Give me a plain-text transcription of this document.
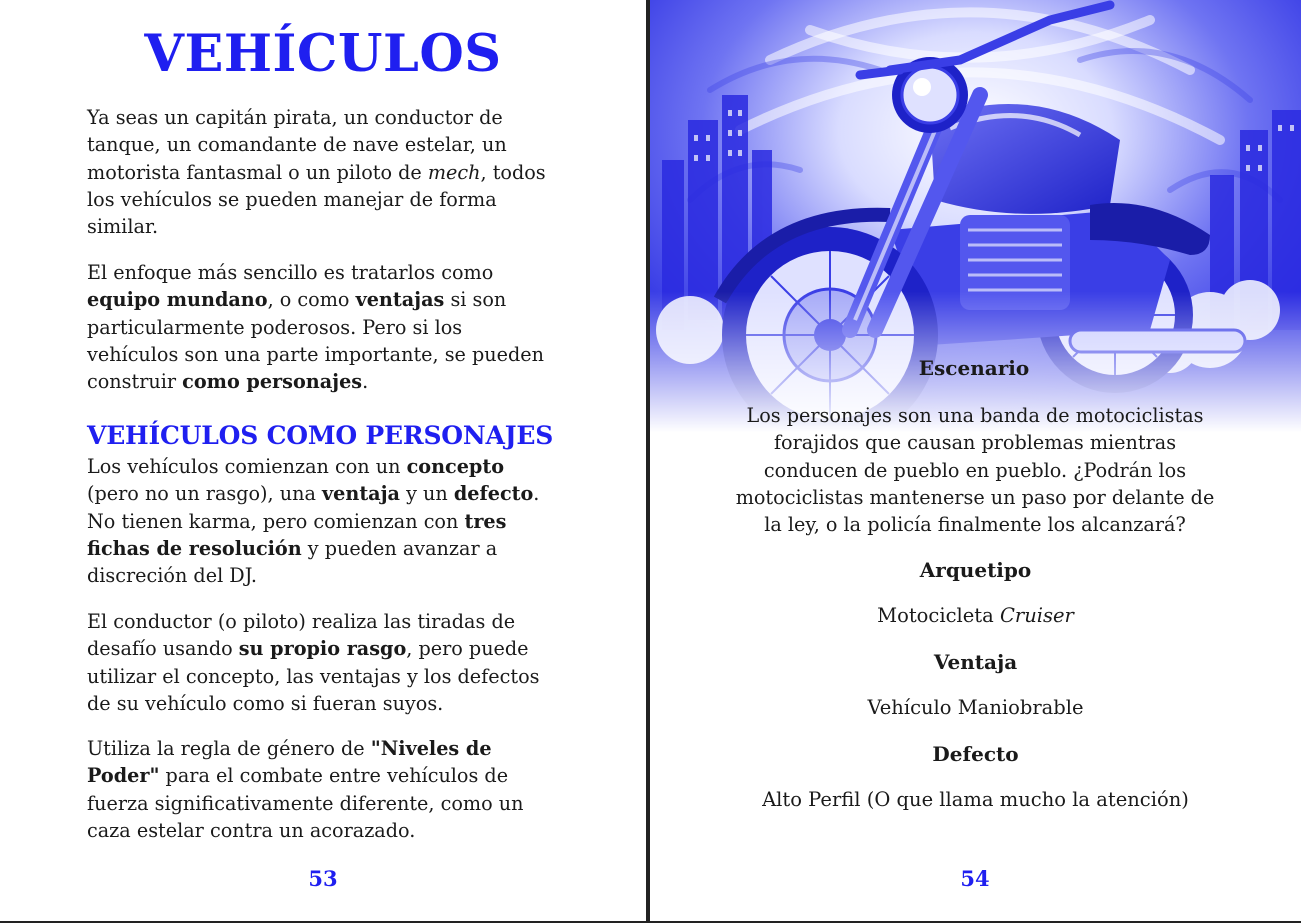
VEHÍCULOS

Ya seas un capitán pirata, un conductor de tanque, un comandante de nave estelar, un motorista fantasmal o un piloto de mech, todos los vehículos se pueden manejar de forma similar.

El enfoque más sencillo es tratarlos como equipo mundano, o como ventajas si son particularmente poderosos. Pero si los vehículos son una parte importante, se pueden construir como personajes.

VEHÍCULOS COMO PERSONAJES

Los vehículos comienzan con un concepto (pero no un rasgo), una ventaja y un defecto. No tienen karma, pero comienzan con tres fichas de resolución y pueden avanzar a discreción del DJ.

El conductor (o piloto) realiza las tiradas de desafío usando su propio rasgo, pero puede utilizar el concepto, las ventajas y los defectos de su vehículo como si fueran suyos.

Utiliza la regla de género de "Niveles de Poder" para el combate entre vehículos de fuerza significativamente diferente, como un caza estelar contra un acorazado.

53
Escenario

Los personajes son una banda de motociclistas forajidos que causan problemas mientras conducen de pueblo en pueblo. ¿Podrán los motociclistas mantenerse un paso por delante de la ley, o la policía finalmente los alcanzará?

Arquetipo
Motocicleta Cruiser
Ventaja
Vehículo Maniobrable
Defecto
Alto Perfil (O que llama mucho la atención)
54
